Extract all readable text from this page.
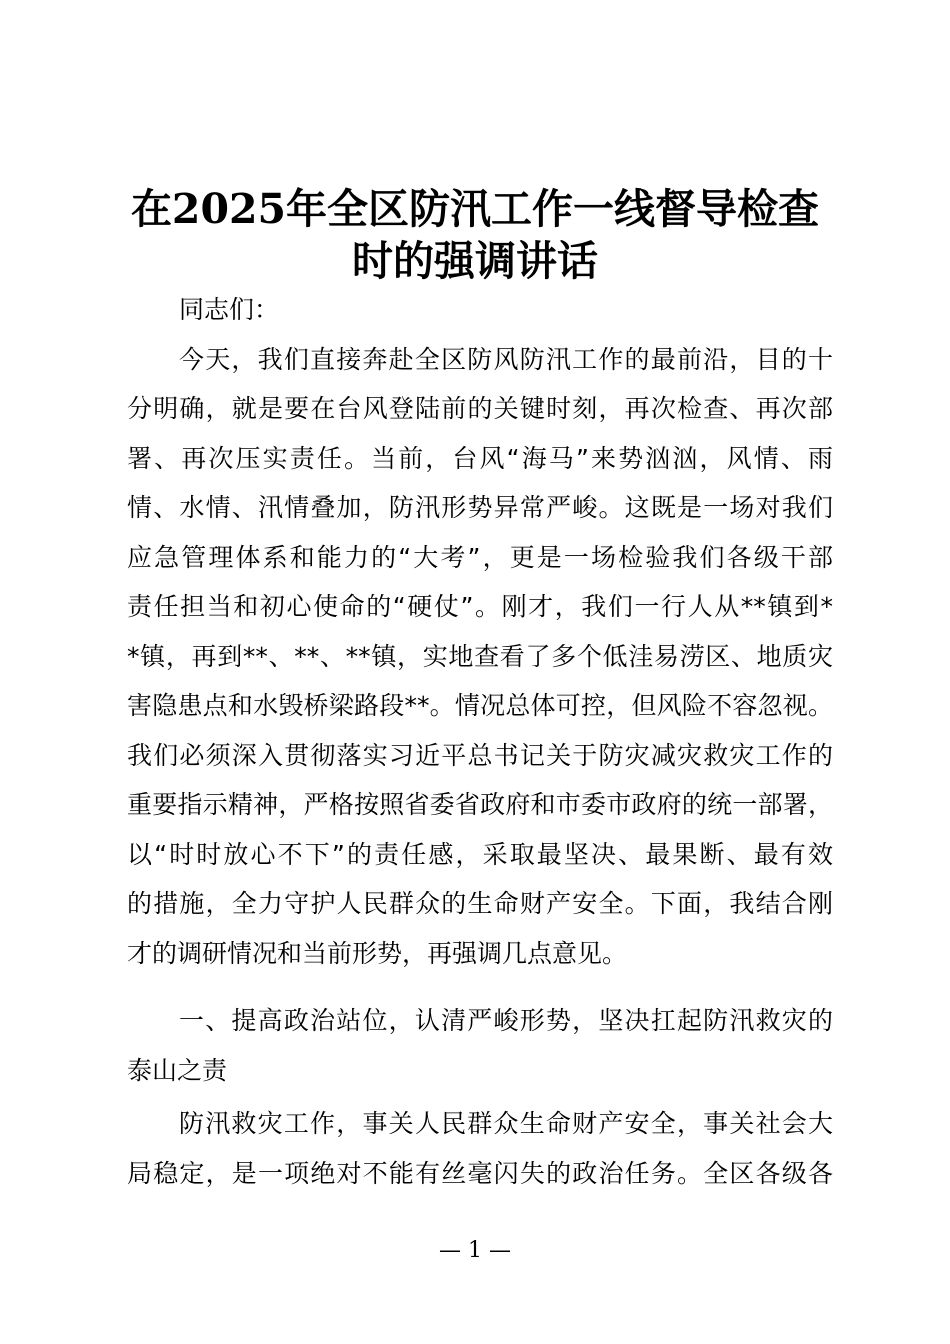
在2025年全区防汛工作一线督导检查
时的强调讲话
同志们：
今天，我们直接奔赴全区防风防汛工作的最前沿，目的十
分明确，就是要在台风登陆前的关键时刻，再次检查、再次部
署、再次压实责任。当前，台风“海马”来势汹汹，风情、雨
情、水情、汛情叠加，防汛形势异常严峻。这既是一场对我们
应急管理体系和能力的“大考”，更是一场检验我们各级干部
责任担当和初心使命的“硬仗”。刚才，我们一行人从**镇到*
*镇，再到**、**、**镇，实地查看了多个低洼易涝区、地质灾
害隐患点和水毁桥梁路段**。情况总体可控，但风险不容忽视。
我们必须深入贯彻落实习近平总书记关于防灾减灾救灾工作的
重要指示精神，严格按照省委省政府和市委市政府的统一部署，
以“时时放心不下”的责任感，采取最坚决、最果断、最有效
的措施，全力守护人民群众的生命财产安全。下面，我结合刚
才的调研情况和当前形势，再强调几点意见。
一、提高政治站位，认清严峻形势，坚决扛起防汛救灾的
泰山之责
防汛救灾工作，事关人民群众生命财产安全，事关社会大
局稳定，是一项绝对不能有丝毫闪失的政治任务。全区各级各
— 1 —
